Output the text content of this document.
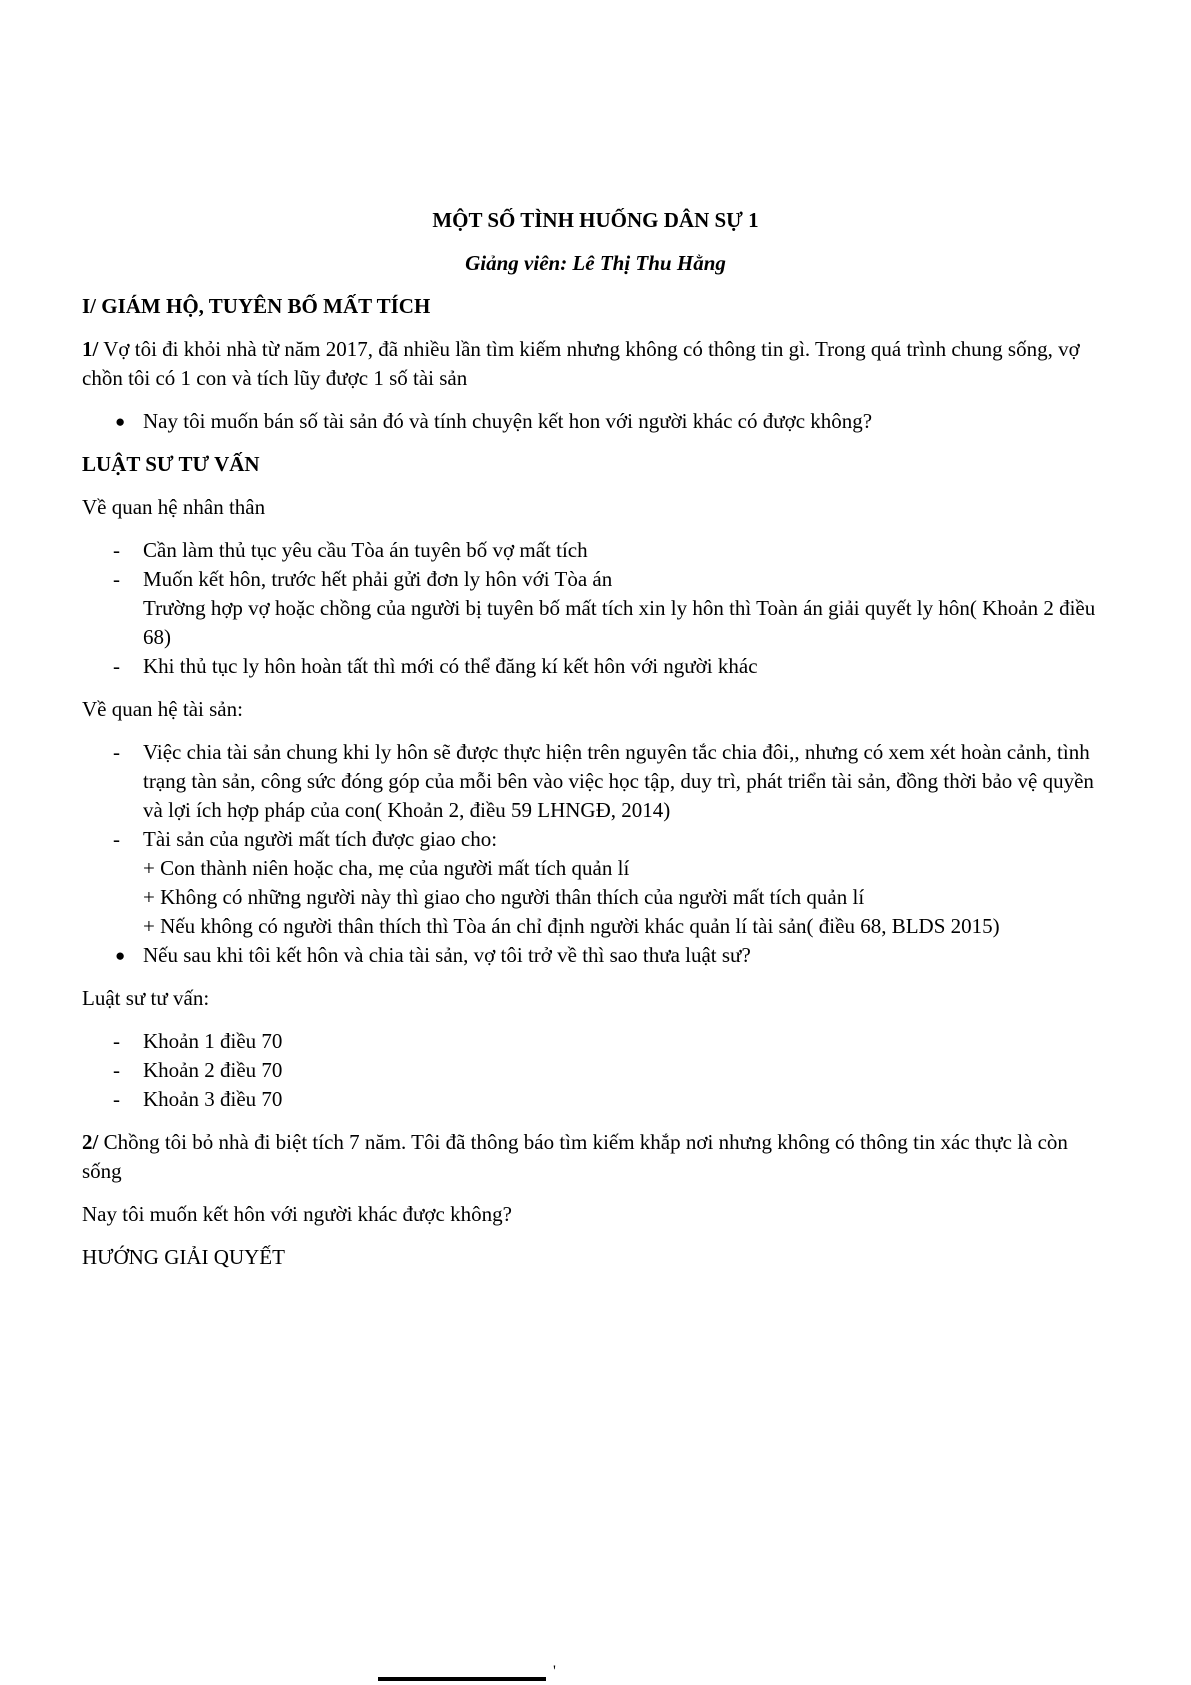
MỘT SỐ TÌNH HUỐNG DÂN SỰ 1
Giảng viên: Lê Thị Thu Hằng
I/ GIÁM HỘ, TUYÊN BỐ MẤT TÍCH

1/ Vợ tôi đi khỏi nhà từ năm 2017, đã nhiều lần tìm kiếm nhưng không có thông tin gì. Trong quá trình chung sống, vợ chồn tôi có 1 con và tích lũy được 1 số tài sản

● Nay tôi muốn bán số tài sản đó và tính chuyện kết hon với người khác có được không?
LUẬT SƯ TƯ VẤN

Về quan hệ nhân thân

-	Cần làm thủ tục yêu cầu Tòa án tuyên bố vợ mất tích
-	Muốn kết hôn, trước hết phải gửi đơn ly hôn với Tòa án
Trường hợp vợ hoặc chồng của người bị tuyên bố mất tích xin ly hôn thì Toàn án giải quyết ly hôn( Khoản 2 điều 68)
-	Khi thủ tục ly hôn hoàn tất thì mới có thể đăng kí kết hôn với người khác

Về quan hệ tài sản:

-	Việc chia tài sản chung khi ly hôn sẽ được thực hiện trên nguyên tắc chia đôi,, nhưng có xem xét hoàn cảnh, tình trạng tàn sản, công sức đóng góp của mỗi bên vào việc học tập, duy trì, phát triển tài sản, đồng thời bảo vệ quyền và lợi ích hợp pháp của con( Khoản 2, điều 59 LHNGĐ, 2014)
-	Tài sản của người mất tích được giao cho:
+ Con thành niên hoặc cha, mẹ của người mất tích quản lí
+ Không có những người này thì giao cho người thân thích của người mất tích quản lí
+ Nếu không có người thân thích thì Tòa án chỉ định người khác quản lí tài sản( điều 68, BLDS 2015)
● Nếu sau khi tôi kết hôn và chia tài sản, vợ tôi trở về thì sao thưa luật sư?

Luật sư tư vấn:

-	Khoản 1 điều 70
-	Khoản 2 điều 70
-	Khoản 3 điều 70

2/ Chồng tôi bỏ nhà đi biệt tích 7 năm. Tôi đã thông báo tìm kiếm khắp nơi nhưng không có thông tin xác thực là còn sống

Nay tôi muốn kết hôn với người khác được không?

HƯỚNG GIẢI QUYẾT

'
